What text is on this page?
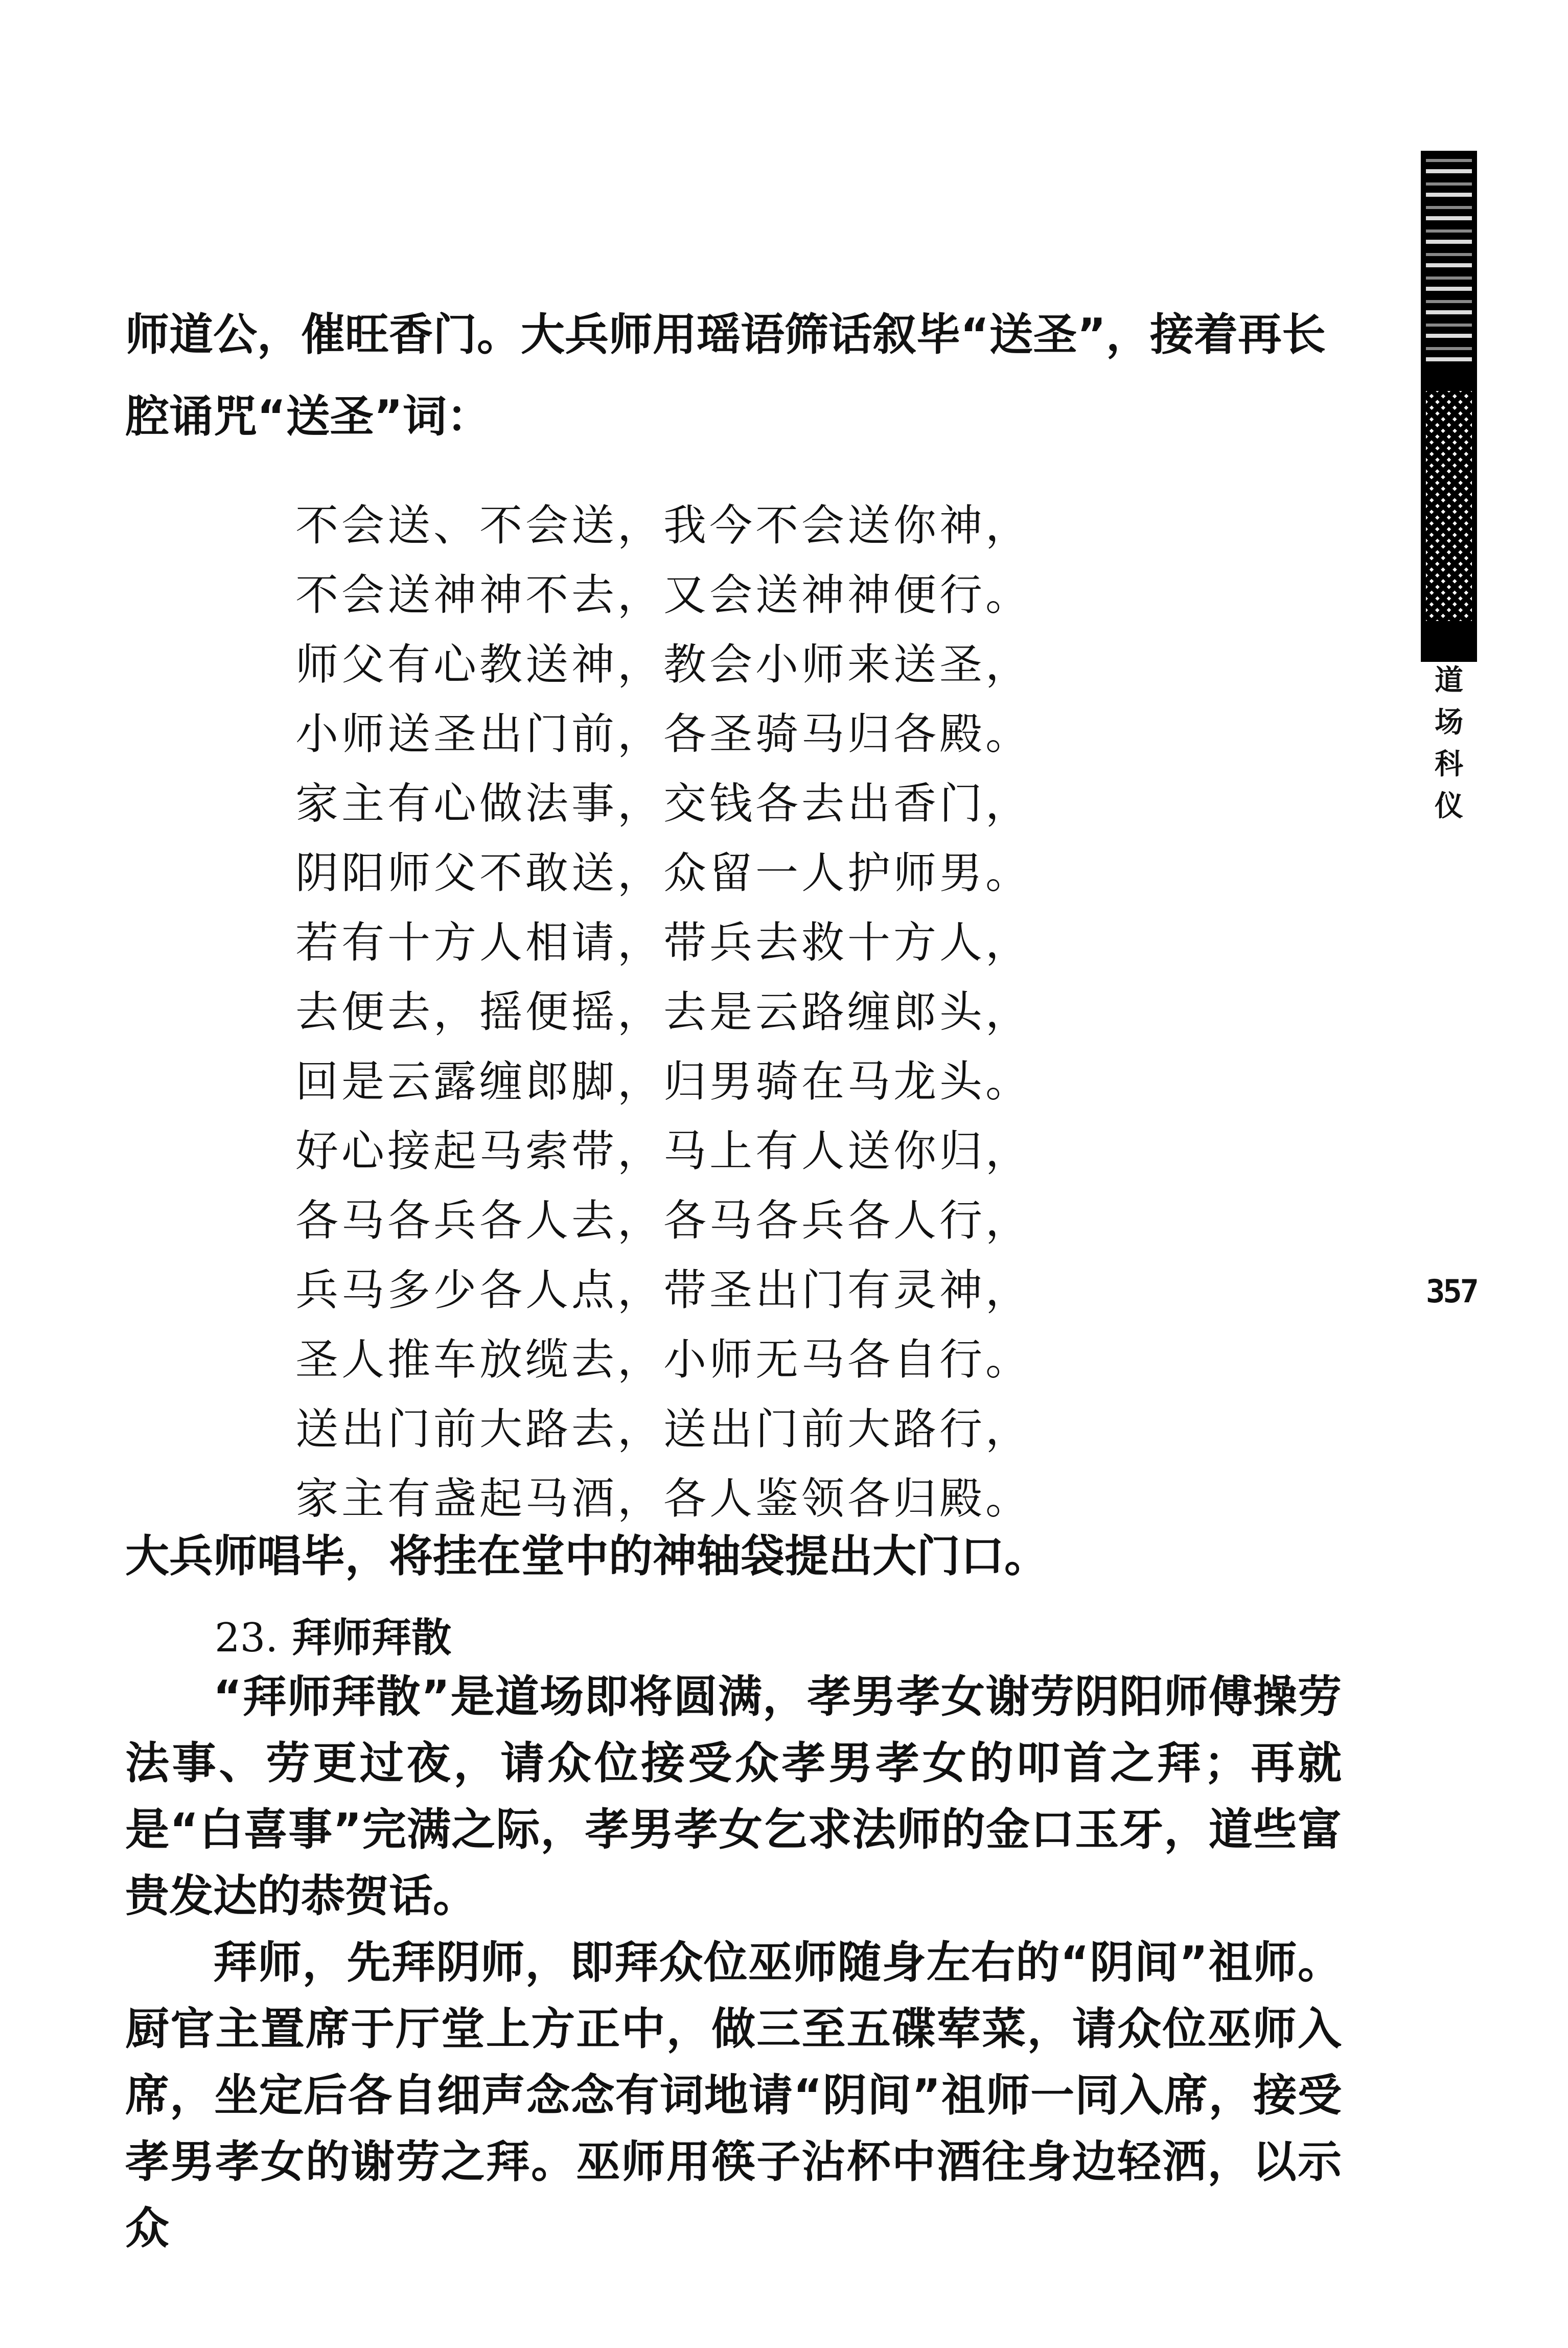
师道公，催旺香门。大兵师用瑶语筛话叙毕“送圣”，接着再长腔诵咒“送圣”词：
不会送、不会送，我今不会送你神，
不会送神神不去，又会送神神便行。
师父有心教送神，教会小师来送圣，
小师送圣出门前，各圣骑马归各殿。
家主有心做法事，交钱各去出香门，
阴阳师父不敢送，众留一人护师男。
若有十方人相请，带兵去救十方人，
去便去，摇便摇，去是云路缠郎头，
回是云露缠郎脚，归男骑在马龙头。
好心接起马索带，马上有人送你归，
各马各兵各人去，各马各兵各人行，
兵马多少各人点，带圣出门有灵神，
圣人推车放缆去，小师无马各自行。
送出门前大路去，送出门前大路行，
家主有盏起马酒，各人鉴领各归殿。
大兵师唱毕，将挂在堂中的神轴袋提出大门口。
23. 拜师拜散
“拜师拜散”是道场即将圆满，孝男孝女谢劳阴阳师傅操劳法事、劳更过夜，请众位接受众孝男孝女的叩首之拜；再就是“白喜事”完满之际，孝男孝女乞求法师的金口玉牙，道些富贵发达的恭贺话。
拜师，先拜阴师，即拜众位巫师随身左右的“阴间”祖师。厨官主置席于厅堂上方正中，做三至五碟荤菜，请众位巫师入席，坐定后各自细声念念有词地请“阴间”祖师一同入席，接受孝男孝女的谢劳之拜。巫师用筷子沾杯中酒往身边轻洒，以示众
道
场
科
仪
357
